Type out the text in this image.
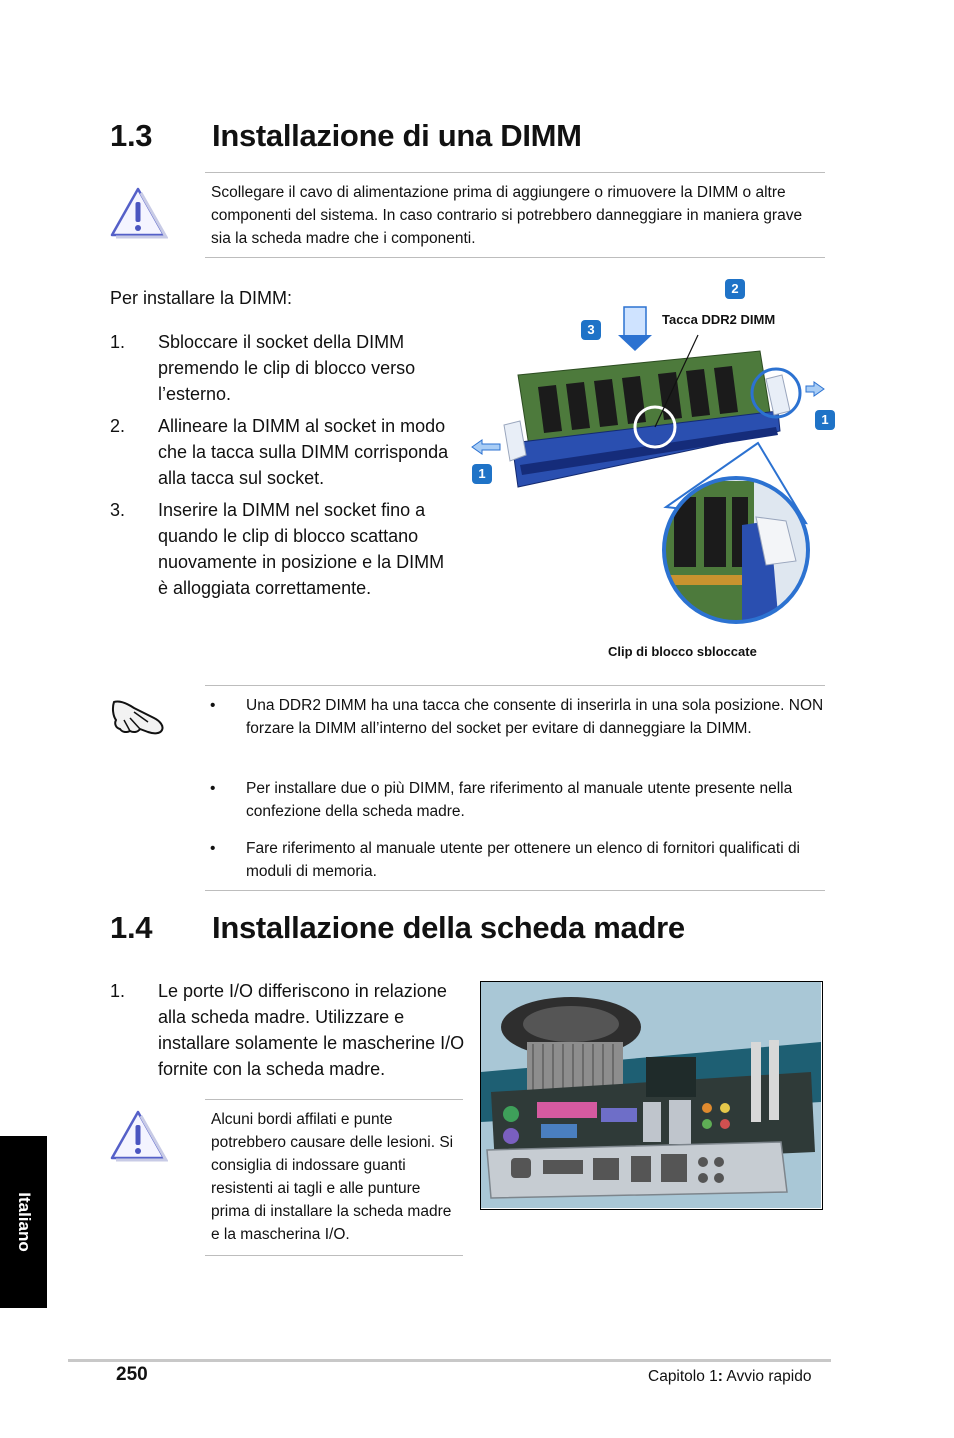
1.3 Installazione di una DIMM
Scollegare il cavo di alimentazione prima di aggiungere o rimuovere la DIMM o altre componenti del sistema. In caso contrario si potrebbero danneggiare in maniera grave sia la scheda madre che i componenti.
Per installare la DIMM:
1. Sbloccare il socket della DIMM premendo le clip di blocco verso l’esterno.
2. Allineare la DIMM al socket in modo che la tacca sulla DIMM corrisponda alla tacca sul socket.
3. Inserire la DIMM nel socket fino a quando le clip di blocco scattano nuovamente in posizione e la DIMM è alloggiata correttamente.
2
3
1
1
Tacca DDR2 DIMM
Clip di blocco sbloccate
• Una DDR2 DIMM ha una tacca che consente di inserirla in una sola posizione. NON forzare la DIMM all’interno del socket per evitare di danneggiare la DIMM.
• Per installare due o più DIMM, fare riferimento al manuale utente presente nella confezione della scheda madre.
• Fare riferimento al manuale utente per ottenere un elenco di fornitori qualificati di moduli di memoria.
1.4 Installazione della scheda madre
1. Le porte I/O differiscono in relazione alla scheda madre. Utilizzare e installare solamente le mascherine I/O fornite con la scheda madre.
Alcuni bordi affilati e punte potrebbero causare delle lesioni. Si consiglia di indossare guanti resistenti ai tagli e alle punture prima di installare la scheda madre e la mascherina I/O.
Italiano
250	Capitolo 1: Avvio rapido
